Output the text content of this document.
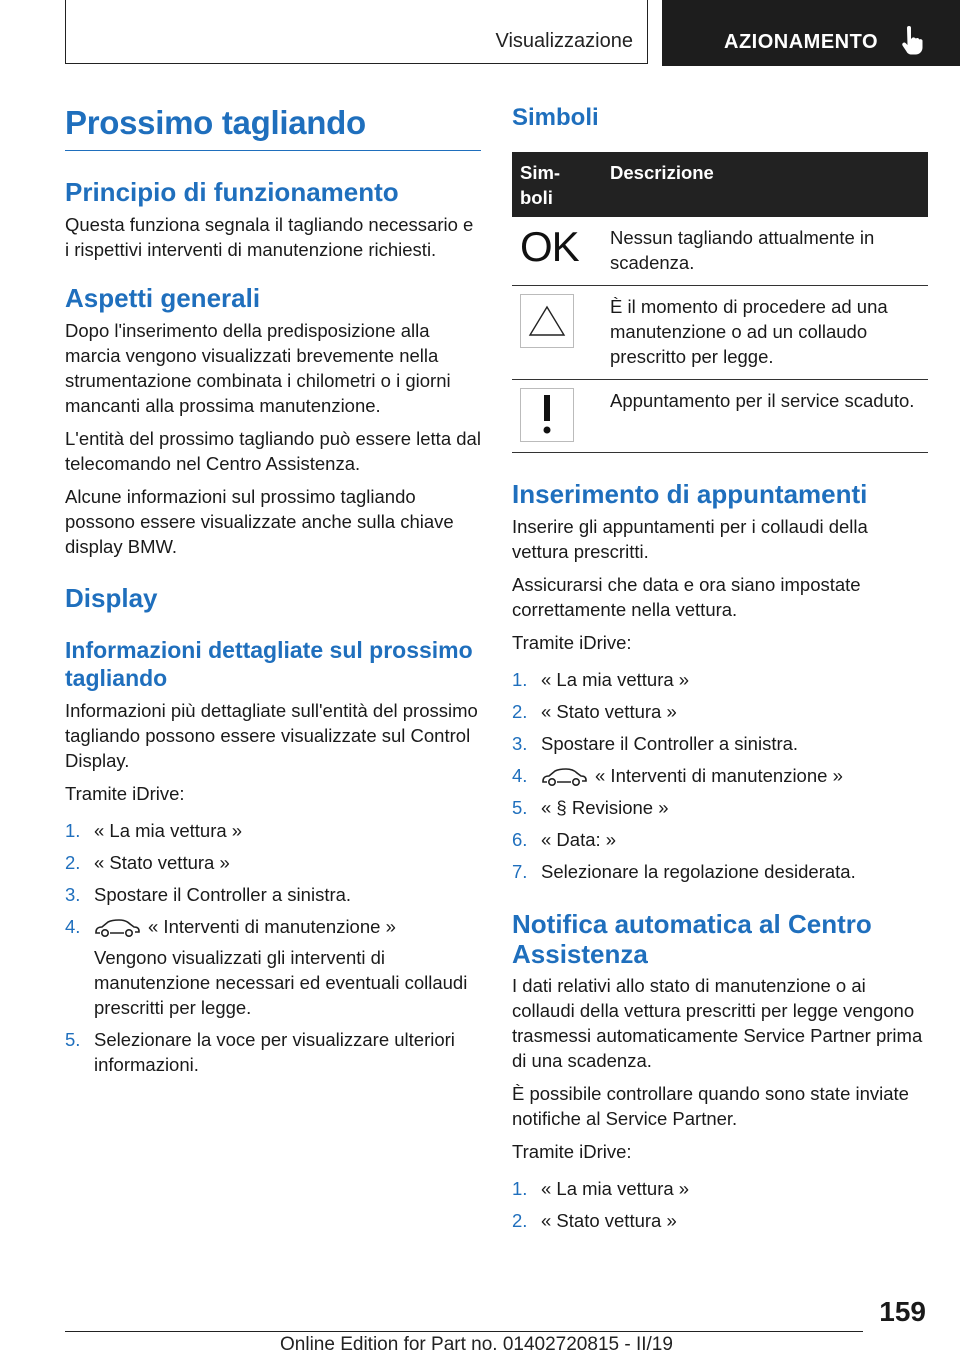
Visualizzazione	AZIONAMENTO
Prossimo tagliando
Principio di funzionamento

Questa funziona segnala il tagliando necessario e i rispettivi interventi di manutenzione richiesti.

Aspetti generali

Dopo l'inserimento della predisposizione alla marcia vengono visualizzati brevemente nella strumentazione combinata i chilometri o i giorni mancanti alla prossima manutenzione.

L'entità del prossimo tagliando può essere letta dal telecomando nel Centro Assistenza.

Alcune informazioni sul prossimo tagliando possono essere visualizzate anche sulla chiave display BMW.

Display
Informazioni dettagliate sul prossimo tagliando

Informazioni più dettagliate sull'entità del prossimo tagliando possono essere visualizzate sul Control Display.

Tramite iDrive:

1. « La mia vettura »
2. « Stato vettura »
3. Spostare il Controller a sinistra.
4.	« Interventi di manutenzione »
Vengono visualizzati gli interventi di manutenzione necessari ed eventuali collaudi prescritti per legge.
5. Selezionare la voce per visualizzare ulteriori informazioni.
Simboli
Sim-
boli	Descrizione
OK	Nessun tagliando attualmente in scadenza.

	È il momento di procedere ad una manutenzione o ad un collaudo prescritto per legge.

	Appuntamento per il service scaduto.
Inserimento di appuntamenti

Inserire gli appuntamenti per i collaudi della vettura prescritti.

Assicurarsi che data e ora siano impostate correttamente nella vettura.

Tramite iDrive:

1. « La mia vettura »
2. « Stato vettura »
3. Spostare il Controller a sinistra.
4.	« Interventi di manutenzione »
5. « § Revisione »
6. « Data: »
7. Selezionare la regolazione desiderata.
Notifica automatica al Centro Assistenza

I dati relativi allo stato di manutenzione o ai collaudi della vettura prescritti per legge vengono trasmessi automaticamente Service Partner prima di una scadenza.

È possibile controllare quando sono state inviate notifiche al Service Partner.

Tramite iDrive:

1. « La mia vettura »
2. « Stato vettura »
159
Online Edition for Part no. 01402720815 - II/19
